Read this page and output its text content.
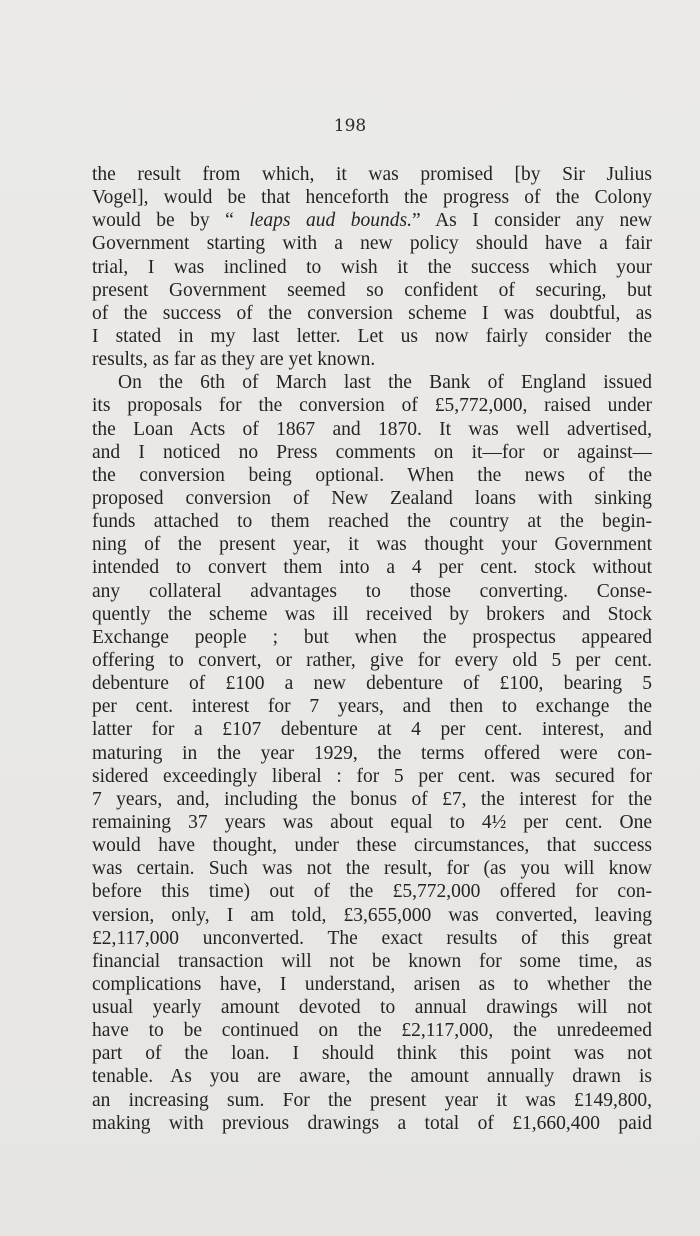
198
the result from which, it was promised [by Sir Julius
Vogel], would be that henceforth the progress of the Colony
would be by “ leaps aud bounds.” As I consider any new
Government starting with a new policy should have a fair
trial, I was inclined to wish it the success which your
present Government seemed so confident of securing, but
of the success of the conversion scheme I was doubtful, as
I stated in my last letter. Let us now fairly consider the
results, as far as they are yet known.
On the 6th of March last the Bank of England issued
its proposals for the conversion of £5,772,000, raised under
the Loan Acts of 1867 and 1870. It was well advertised,
and I noticed no Press comments on it—for or against—
the conversion being optional. When the news of the
proposed conversion of New Zealand loans with sinking
funds attached to them reached the country at the begin-
ning of the present year, it was thought your Government
intended to convert them into a 4 per cent. stock without
any collateral advantages to those converting. Conse-
quently the scheme was ill received by brokers and Stock
Exchange people ; but when the prospectus appeared
offering to convert, or rather, give for every old 5 per cent.
debenture of £100 a new debenture of £100, bearing 5
per cent. interest for 7 years, and then to exchange the
latter for a £107 debenture at 4 per cent. interest, and
maturing in the year 1929, the terms offered were con-
sidered exceedingly liberal : for 5 per cent. was secured for
7 years, and, including the bonus of £7, the interest for the
remaining 37 years was about equal to 4½ per cent. One
would have thought, under these circumstances, that success
was certain. Such was not the result, for (as you will know
before this time) out of the £5,772,000 offered for con-
version, only, I am told, £3,655,000 was converted, leaving
£2,117,000 unconverted. The exact results of this great
financial transaction will not be known for some time, as
complications have, I understand, arisen as to whether the
usual yearly amount devoted to annual drawings will not
have to be continued on the £2,117,000, the unredeemed
part of the loan. I should think this point was not
tenable. As you are aware, the amount annually drawn is
an increasing sum. For the present year it was £149,800,
making with previous drawings a total of £1,660,400 paid
